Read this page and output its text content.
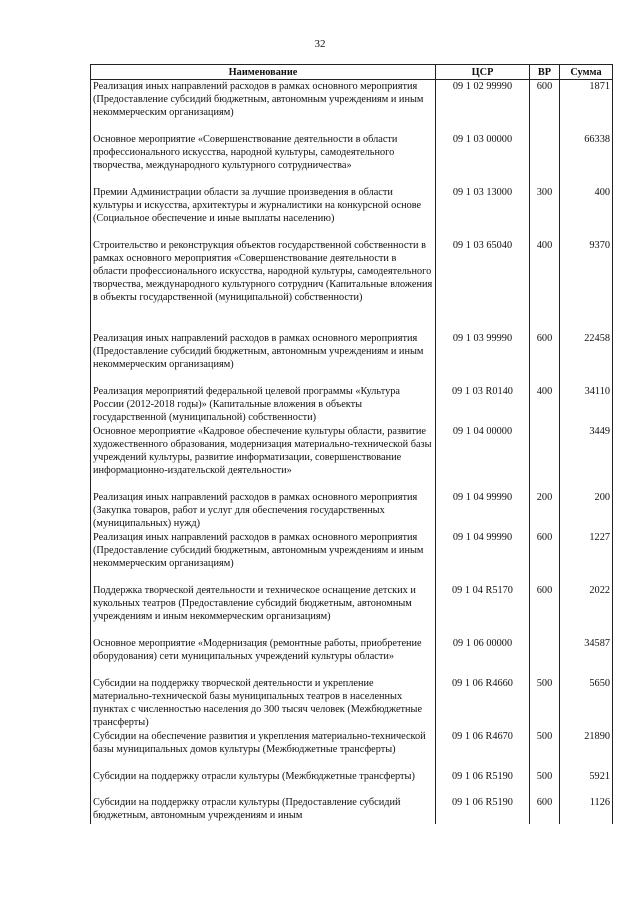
32
Наименование	ЦСР	ВР	Сумма
Реализация иных направлений расходов в рамках основного мероприятия (Предоставление субсидий бюджетным, автономным учреждениям и иным некоммерческим организациям)	09 1 02 99990	600	1871
Основное мероприятие «Совершенствование деятельности в области профессионального искусства, народной культуры, самодеятельного творчества, международного культурного сотрудничества»	09 1 03 00000		66338
Премии Администрации области за лучшие произведения в области культуры и искусства, архитектуры и журналистики на конкурсной основе (Социальное обеспечение и иные выплаты населению)	09 1 03 13000	300	400
Строительство и реконструкция объектов государственной собственности в рамках основного мероприятия «Совершенствование деятельности в области профессионального искусства, народной культуры, самодеятельного творчества, международного культурного сотруднич (Капитальные вложения в объекты государственной (муниципальной) собственности)	09 1 03 65040	400	9370
Реализация иных направлений расходов в рамках основного мероприятия (Предоставление субсидий бюджетным, автономным учреждениям и иным некоммерческим организациям)	09 1 03 99990	600	22458
Реализация мероприятий федеральной целевой программы «Культура России (2012-2018 годы)» (Капитальные вложения в объекты государственной (муниципальной) собственности)	09 1 03 R0140	400	34110
Основное мероприятие «Кадровое обеспечение культуры области, развитие художественного образования, модернизация материально-технической базы учреждений культуры, развитие информатизации, совершенствование информационно-издательской деятельности»	09 1 04 00000		3449
Реализация иных направлений расходов в рамках основного мероприятия (Закупка товаров, работ и услуг для обеспечения государственных (муниципальных) нужд)	09 1 04 99990	200	200
Реализация иных направлений расходов в рамках основного мероприятия (Предоставление субсидий бюджетным, автономным учреждениям и иным некоммерческим организациям)	09 1 04 99990	600	1227
Поддержка творческой деятельности и техническое оснащение детских и кукольных театров (Предоставление субсидий бюджетным, автономным учреждениям и иным некоммерческим организациям)	09 1 04 R5170	600	2022
Основное мероприятие «Модернизация (ремонтные работы, приобретение оборудования) сети муниципальных учреждений культуры области»	09 1 06 00000		34587
Субсидии на поддержку творческой деятельности и укрепление материально-технической базы муниципальных театров в населенных пунктах с численностью населения до 300 тысяч человек (Межбюджетные трансферты)	09 1 06 R4660	500	5650
Субсидии на обеспечение развития и укрепления материально-технической базы муниципальных домов культуры (Межбюджетные трансферты)	09 1 06 R4670	500	21890
Субсидии на поддержку отрасли культуры (Межбюджетные трансферты)	09 1 06 R5190	500	5921
Субсидии на поддержку отрасли культуры (Предоставление субсидий бюджетным, автономным учреждениям и иным	09 1 06 R5190	600	1126
